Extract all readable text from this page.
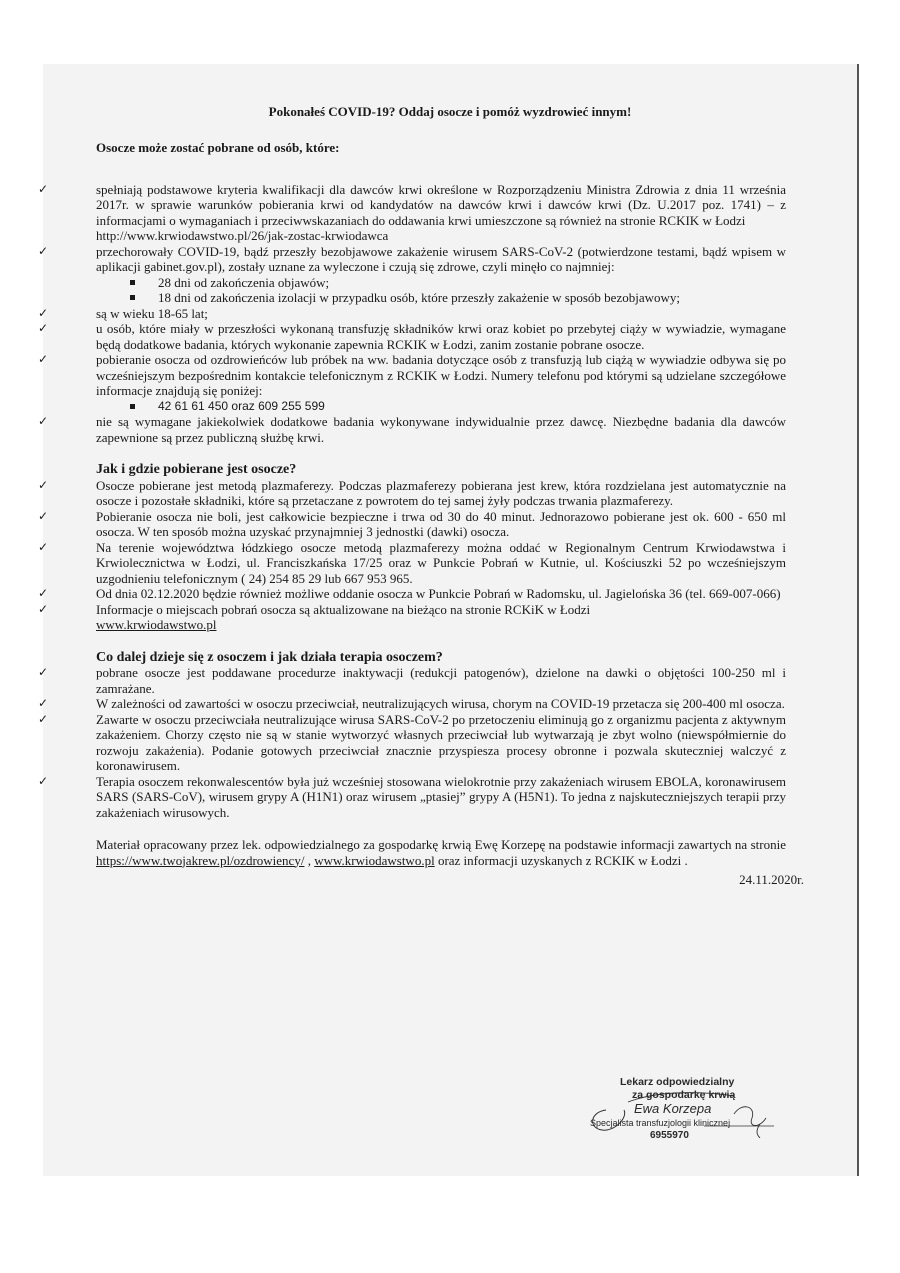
Pokonałeś COVID-19? Oddaj osocze i pomóż wyzdrowieć innym!
Osocze może zostać pobrane od osób, które:
✓	spełniają podstawowe kryteria kwalifikacji dla dawców krwi określone w Rozporządzeniu Ministra Zdrowia z dnia 11 września 2017r. w sprawie warunków pobierania krwi od kandydatów na dawców krwi i dawców krwi (Dz. U.2017 poz. 1741) – z informacjami o wymaganiach i przeciwwskazaniach do oddawania krwi umieszczone są również na stronie RCKIK w Łodzi
http://www.krwiodawstwo.pl/26/jak-zostac-krwiodawca
✓	przechorowały COVID-19, bądź przeszły bezobjawowe zakażenie wirusem SARS-CoV-2 (potwierdzone testami, bądź wpisem w aplikacji gabinet.gov.pl), zostały uznane za wyleczone i czują się zdrowe, czyli minęło co najmniej:
28 dni od zakończenia objawów;
18 dni od zakończenia izolacji w przypadku osób, które przeszły zakażenie w sposób bezobjawowy;
✓	są w wieku 18-65 lat;
✓	u osób, które miały w przeszłości wykonaną transfuzję składników krwi oraz kobiet po przebytej ciąży w wywiadzie, wymagane będą dodatkowe badania, których wykonanie zapewnia RCKIK w Łodzi, zanim zostanie pobrane osocze.
✓	pobieranie osocza od ozdrowieńców lub próbek na ww. badania dotyczące osób z transfuzją lub ciążą w wywiadzie odbywa się po wcześniejszym bezpośrednim kontakcie telefonicznym z RCKIK w Łodzi. Numery telefonu pod którymi są udzielane szczegółowe informacje znajdują się poniżej:
42 61 61 450 oraz 609 255 599
✓	nie są wymagane jakiekolwiek dodatkowe badania wykonywane indywidualnie przez dawcę. Niezbędne badania dla dawców zapewnione są przez publiczną służbę krwi.
Jak i gdzie pobierane jest osocze?
✓	Osocze pobierane jest metodą plazmaferezy. Podczas plazmaferezy pobierana jest krew, która rozdzielana jest automatycznie na osocze i pozostałe składniki, które są przetaczane z powrotem do tej samej żyły podczas trwania plazmaferezy.
✓	Pobieranie osocza nie boli, jest całkowicie bezpieczne i trwa od 30 do 40 minut. Jednorazowo pobierane jest ok. 600 - 650 ml osocza. W ten sposób można uzyskać przynajmniej 3 jednostki (dawki) osocza.
✓	Na terenie województwa łódzkiego osocze metodą plazmaferezy można oddać w Regionalnym Centrum Krwiodawstwa i Krwiolecznictwa w Łodzi, ul. Franciszkańska 17/25 oraz w Punkcie Pobrań w Kutnie, ul. Kościuszki 52 po wcześniejszym uzgodnieniu telefonicznym ( 24) 254 85 29 lub 667 953 965.
✓	Od dnia 02.12.2020 będzie również możliwe oddanie osocza w Punkcie Pobrań w Radomsku, ul. Jagielońska 36 (tel. 669-007-066)
✓	Informacje o miejscach pobrań osocza są aktualizowane na bieżąco na stronie RCKiK w Łodzi
www.krwiodawstwo.pl
Co dalej dzieje się z osoczem i jak działa terapia osoczem?
✓	pobrane osocze jest poddawane procedurze inaktywacji (redukcji patogenów), dzielone na dawki o objętości 100-250 ml i zamrażane.
✓	W zależności od zawartości w osoczu przeciwciał, neutralizujących wirusa, chorym na COVID-19 przetacza się 200-400 ml osocza.
✓	Zawarte w osoczu przeciwciała neutralizujące wirusa SARS-CoV-2 po przetoczeniu eliminują go z organizmu pacjenta z aktywnym zakażeniem. Chorzy często nie są w stanie wytworzyć własnych przeciwciał lub wytwarzają je zbyt wolno (niewspółmiernie do rozwoju zakażenia). Podanie gotowych przeciwciał znacznie przyspiesza procesy obronne i pozwala skuteczniej walczyć z koronawirusem.
✓	Terapia osoczem rekonwalescentów była już wcześniej stosowana wielokrotnie przy zakażeniach wirusem EBOLA, koronawirusem SARS (SARS-CoV), wirusem grypy A (H1N1) oraz wirusem „ptasiej” grypy A (H5N1). To jedna z najskuteczniejszych terapii przy zakażeniach wirusowych.
Materiał opracowany przez lek. odpowiedzialnego za gospodarkę krwią Ewę Korzepę na podstawie informacji zawartych na stronie https://www.twojakrew.pl/ozdrowiency/ , www.krwiodawstwo.pl oraz informacji uzyskanych z RCKIK w Łodzi .
24.11.2020r.
Lekarz odpowiedzialny
za gospodarkę krwią
Ewa Korzepa
Specjalista transfuzjologii klinicznej
6955970
